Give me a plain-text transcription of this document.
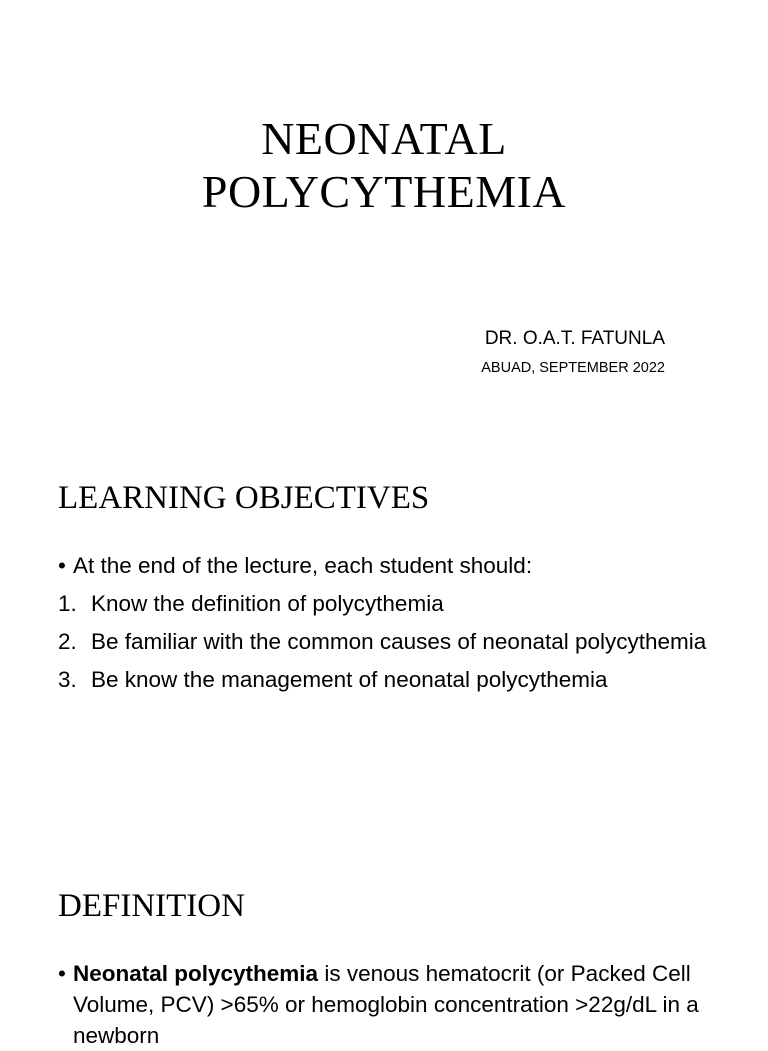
NEONATAL
POLYCYTHEMIA
DR. O.A.T. FATUNLA
ABUAD, SEPTEMBER 2022
LEARNING OBJECTIVES
• At the end of the lecture, each student should:
1. Know the definition of polycythemia
2. Be familiar with the common causes of neonatal polycythemia
3. Be know the management of neonatal polycythemia
DEFINITION
• Neonatal polycythemia is venous hematocrit (or Packed Cell Volume, PCV) >65% or hemoglobin concentration >22g/dL in a newborn
